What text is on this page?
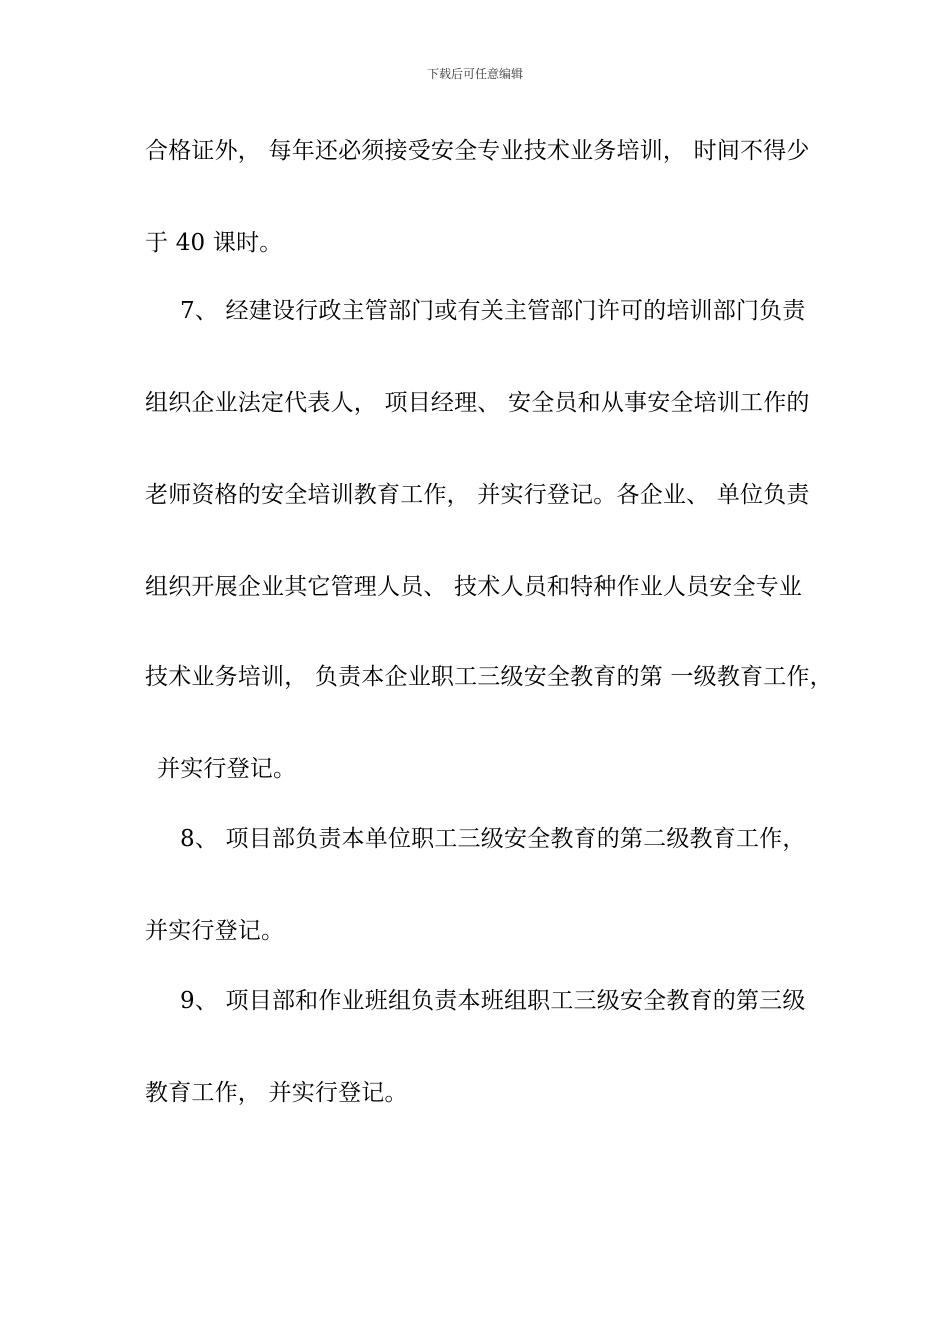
下载后可任意编辑
合格证外， 每年还必须接受安全专业技术业务培训， 时间不得少
于 40 课时。
7、 经建设行政主管部门或有关主管部门许可的培训部门负责
组织企业法定代表人， 项目经理、 安全员和从事安全培训工作的
老师资格的安全培训教育工作， 并实行登记。各企业、 单位负责
组织开展企业其它管理人员、 技术人员和特种作业人员安全专业
技术业务培训， 负责本企业职工三级安全教育的第 一级教育工作，
并实行登记。
8、 项目部负责本单位职工三级安全教育的第二级教育工作，
并实行登记。
9、 项目部和作业班组负责本班组职工三级安全教育的第三级
教育工作， 并实行登记。
